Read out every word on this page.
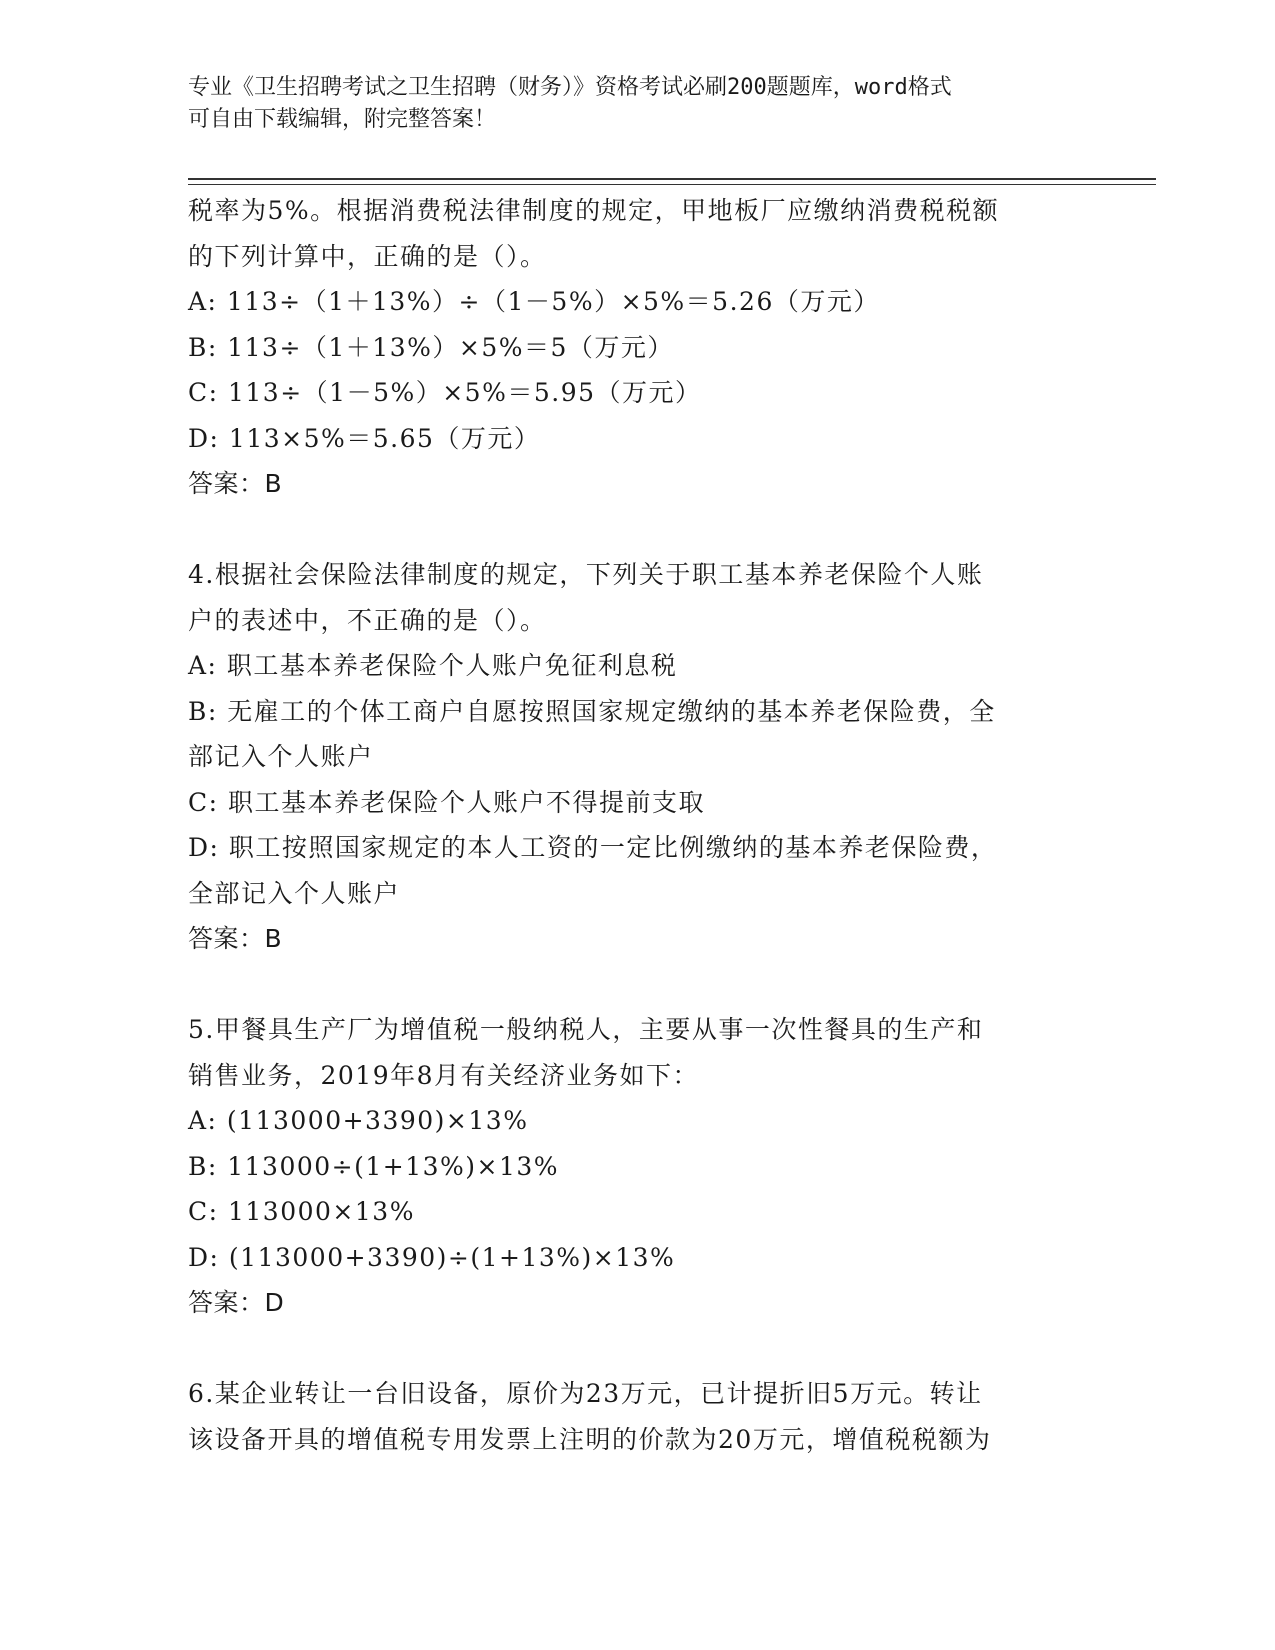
专业《卫生招聘考试之卫生招聘（财务）》资格考试必刷200题题库，word格式
可自由下载编辑，附完整答案！
税率为5%。根据消费税法律制度的规定，甲地板厂应缴纳消费税税额
的下列计算中，正确的是（）。
A: 113÷（1＋13%）÷（1－5%）×5%＝5.26（万元）
B: 113÷（1＋13%）×5%＝5（万元）
C: 113÷（1－5%）×5%＝5.95（万元）
D: 113×5%＝5.65（万元）
答案：B
4.根据社会保险法律制度的规定，下列关于职工基本养老保险个人账
户的表述中，不正确的是（）。
A: 职工基本养老保险个人账户免征利息税
B: 无雇工的个体工商户自愿按照国家规定缴纳的基本养老保险费，全
部记入个人账户
C: 职工基本养老保险个人账户不得提前支取
D: 职工按照国家规定的本人工资的一定比例缴纳的基本养老保险费，
全部记入个人账户
答案：B
5.甲餐具生产厂为增值税一般纳税人，主要从事一次性餐具的生产和
销售业务，2019年8月有关经济业务如下：
A: (113000+3390)×13%
B: 113000÷(1+13%)×13%
C: 113000×13%
D: (113000+3390)÷(1+13%)×13%
答案：D
6.某企业转让一台旧设备，原价为23万元，已计提折旧5万元。转让
该设备开具的增值税专用发票上注明的价款为20万元，增值税税额为
